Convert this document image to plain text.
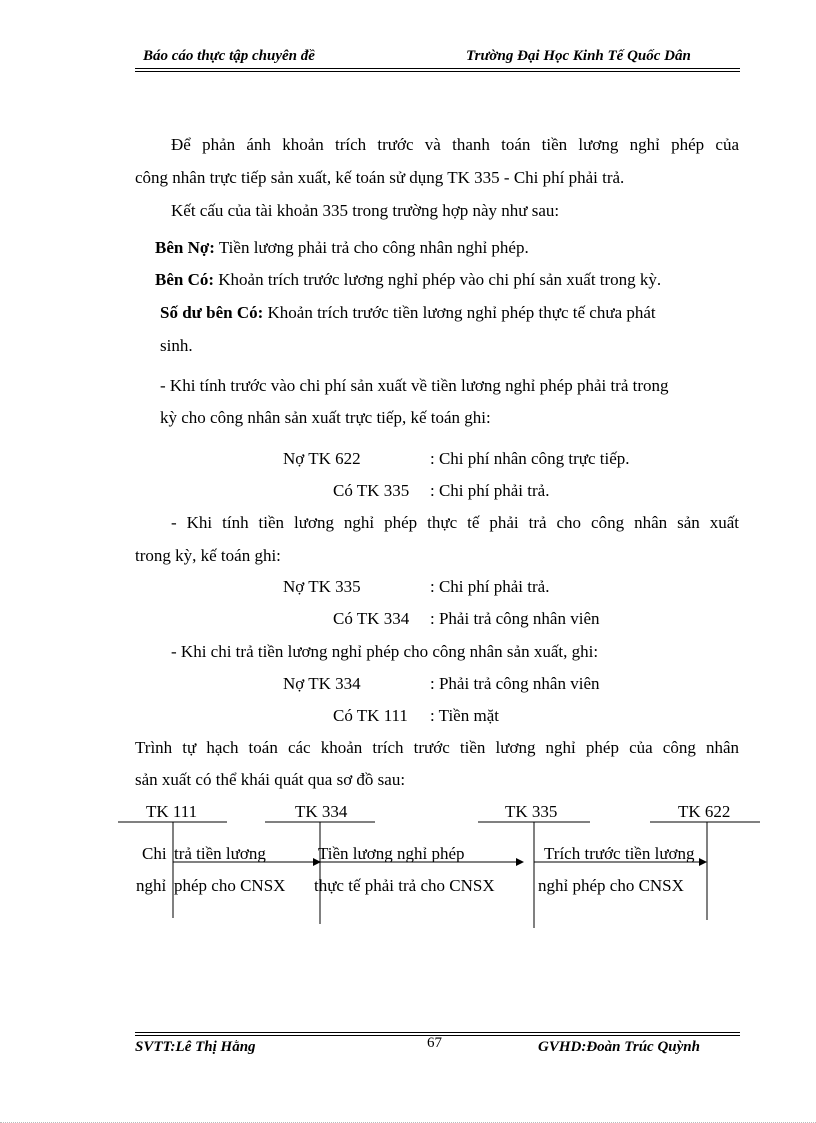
Báo cáo thực tập chuyên đề	Trường Đại Học Kinh Tế Quốc Dân
Để phản ánh khoản trích trước và thanh toán tiền lương nghỉ phép của
công nhân trực tiếp sản xuất, kế toán sử dụng TK 335 - Chi phí phải trả.
Kết cấu của tài khoản 335 trong trường hợp này như sau:
Bên Nợ: Tiền lương phải trả cho công nhân nghỉ phép.
Bên Có: Khoản trích trước lương nghỉ phép vào chi phí sản xuất trong kỳ.
Số dư bên Có: Khoản trích trước tiền lương nghỉ phép thực tế chưa phát
sinh.
- Khi tính trước vào chi phí sản xuất về tiền lương nghỉ phép phải trả trong
kỳ cho công nhân sản xuất trực tiếp, kế toán ghi:
Nợ TK 622	: Chi phí nhân công trực tiếp.
Có TK 335 : Chi phí phải trả.
- Khi tính tiền lương nghỉ phép thực tế phải trả cho công nhân sản xuất
trong kỳ, kế toán ghi:
Nợ TK 335	: Chi phí phải trả.
Có TK 334 : Phải trả công nhân viên
- Khi chi trả tiền lương nghỉ phép cho công nhân sản xuất, ghi:
Nợ TK 334	: Phải trả công nhân viên
Có TK 111 : Tiền mặt
Trình tự hạch toán các khoản trích trước tiền lương nghỉ phép của công nhân
sản xuất có thể khái quát qua sơ đồ sau:
TK 111	TK 334	TK 335	TK 622
Chi trả tiền lương
nghỉ phép cho CNSX
Tiền lương nghỉ phép
thực tế phải trả cho CNSX
Trích trước tiền lương
nghỉ phép cho CNSX
SVTT:Lê Thị Hằng	67	GVHD:Đoàn Trúc Quỳnh
